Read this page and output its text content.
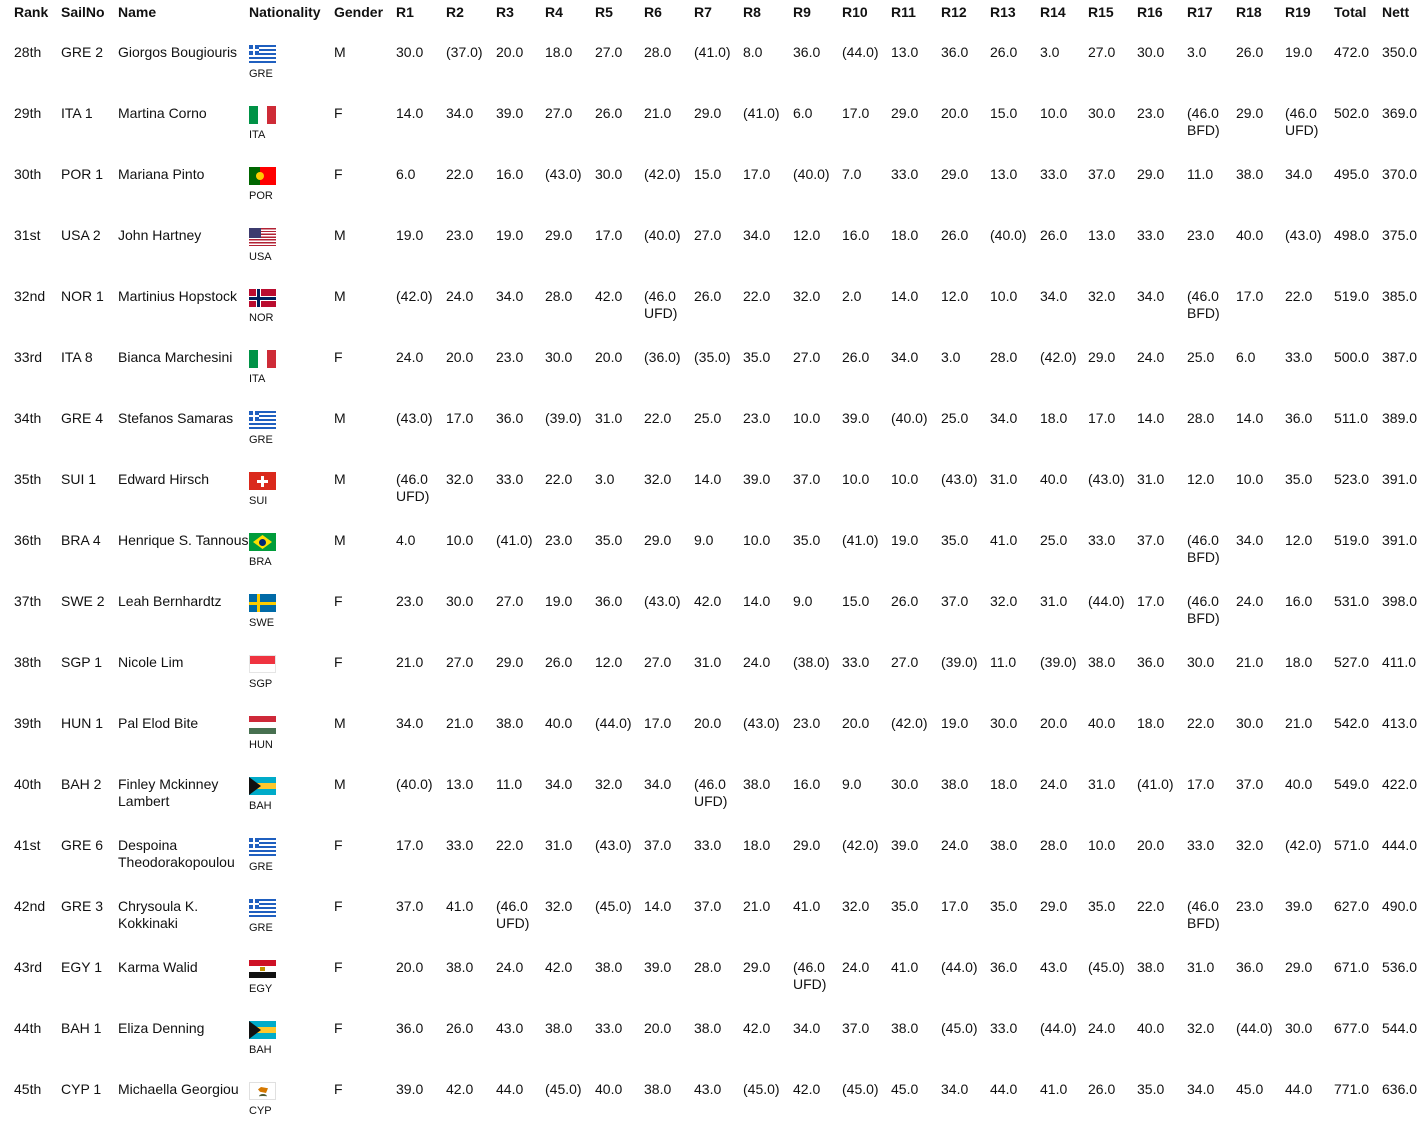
Rank	SailNo	Name	Nationality	Gender	R1	R2	R3	R4	R5	R6	R7	R8	R9	R10	R11	R12	R13	R14	R15	R16	R17	R18	R19	Total	Nett
28th	GRE 2	Giorgos Bougiouris	GRE	M	30.0	(37.0)	20.0	18.0	27.0	28.0	(41.0)	8.0	36.0	(44.0)	13.0	36.0	26.0	3.0	27.0	30.0	3.0	26.0	19.0	472.0	350.0
29th	ITA 1	Martina Corno	ITA	F	14.0	34.0	39.0	27.0	26.0	21.0	29.0	(41.0)	6.0	17.0	29.0	20.0	15.0	10.0	30.0	23.0	(46.0 BFD)	29.0	(46.0 UFD)	502.0	369.0
30th	POR 1	Mariana Pinto	POR	F	6.0	22.0	16.0	(43.0)	30.0	(42.0)	15.0	17.0	(40.0)	7.0	33.0	29.0	13.0	33.0	37.0	29.0	11.0	38.0	34.0	495.0	370.0
31st	USA 2	John Hartney	USA	M	19.0	23.0	19.0	29.0	17.0	(40.0)	27.0	34.0	12.0	16.0	18.0	26.0	(40.0)	26.0	13.0	33.0	23.0	40.0	(43.0)	498.0	375.0
32nd	NOR 1	Martinius Hopstock	NOR	M	(42.0)	24.0	34.0	28.0	42.0	(46.0 UFD)	26.0	22.0	32.0	2.0	14.0	12.0	10.0	34.0	32.0	34.0	(46.0 BFD)	17.0	22.0	519.0	385.0
33rd	ITA 8	Bianca Marchesini	ITA	F	24.0	20.0	23.0	30.0	20.0	(36.0)	(35.0)	35.0	27.0	26.0	34.0	3.0	28.0	(42.0)	29.0	24.0	25.0	6.0	33.0	500.0	387.0
34th	GRE 4	Stefanos Samaras	GRE	M	(43.0)	17.0	36.0	(39.0)	31.0	22.0	25.0	23.0	10.0	39.0	(40.0)	25.0	34.0	18.0	17.0	14.0	28.0	14.0	36.0	511.0	389.0
35th	SUI 1	Edward Hirsch	SUI	M	(46.0 UFD)	32.0	33.0	22.0	3.0	32.0	14.0	39.0	37.0	10.0	10.0	(43.0)	31.0	40.0	(43.0)	31.0	12.0	10.0	35.0	523.0	391.0
36th	BRA 4	Henrique S. Tannous	BRA	M	4.0	10.0	(41.0)	23.0	35.0	29.0	9.0	10.0	35.0	(41.0)	19.0	35.0	41.0	25.0	33.0	37.0	(46.0 BFD)	34.0	12.0	519.0	391.0
37th	SWE 2	Leah Bernhardtz	SWE	F	23.0	30.0	27.0	19.0	36.0	(43.0)	42.0	14.0	9.0	15.0	26.0	37.0	32.0	31.0	(44.0)	17.0	(46.0 BFD)	24.0	16.0	531.0	398.0
38th	SGP 1	Nicole Lim	SGP	F	21.0	27.0	29.0	26.0	12.0	27.0	31.0	24.0	(38.0)	33.0	27.0	(39.0)	11.0	(39.0)	38.0	36.0	30.0	21.0	18.0	527.0	411.0
39th	HUN 1	Pal Elod Bite	HUN	M	34.0	21.0	38.0	40.0	(44.0)	17.0	20.0	(43.0)	23.0	20.0	(42.0)	19.0	30.0	20.0	40.0	18.0	22.0	30.0	21.0	542.0	413.0
40th	BAH 2	Finley Mckinney Lambert	BAH	M	(40.0)	13.0	11.0	34.0	32.0	34.0	(46.0 UFD)	38.0	16.0	9.0	30.0	38.0	18.0	24.0	31.0	(41.0)	17.0	37.0	40.0	549.0	422.0
41st	GRE 6	Despoina Theodorakopoulou	GRE	F	17.0	33.0	22.0	31.0	(43.0)	37.0	33.0	18.0	29.0	(42.0)	39.0	24.0	38.0	28.0	10.0	20.0	33.0	32.0	(42.0)	571.0	444.0
42nd	GRE 3	Chrysoula K. Kokkinaki	GRE	F	37.0	41.0	(46.0 UFD)	32.0	(45.0)	14.0	37.0	21.0	41.0	32.0	35.0	17.0	35.0	29.0	35.0	22.0	(46.0 BFD)	23.0	39.0	627.0	490.0
43rd	EGY 1	Karma Walid	EGY	F	20.0	38.0	24.0	42.0	38.0	39.0	28.0	29.0	(46.0 UFD)	24.0	41.0	(44.0)	36.0	43.0	(45.0)	38.0	31.0	36.0	29.0	671.0	536.0
44th	BAH 1	Eliza Denning	BAH	F	36.0	26.0	43.0	38.0	33.0	20.0	38.0	42.0	34.0	37.0	38.0	(45.0)	33.0	(44.0)	24.0	40.0	32.0	(44.0)	30.0	677.0	544.0
45th	CYP 1	Michaella Georgiou	CYP	F	39.0	42.0	44.0	(45.0)	40.0	38.0	43.0	(45.0)	42.0	(45.0)	45.0	34.0	44.0	41.0	26.0	35.0	34.0	45.0	44.0	771.0	636.0
